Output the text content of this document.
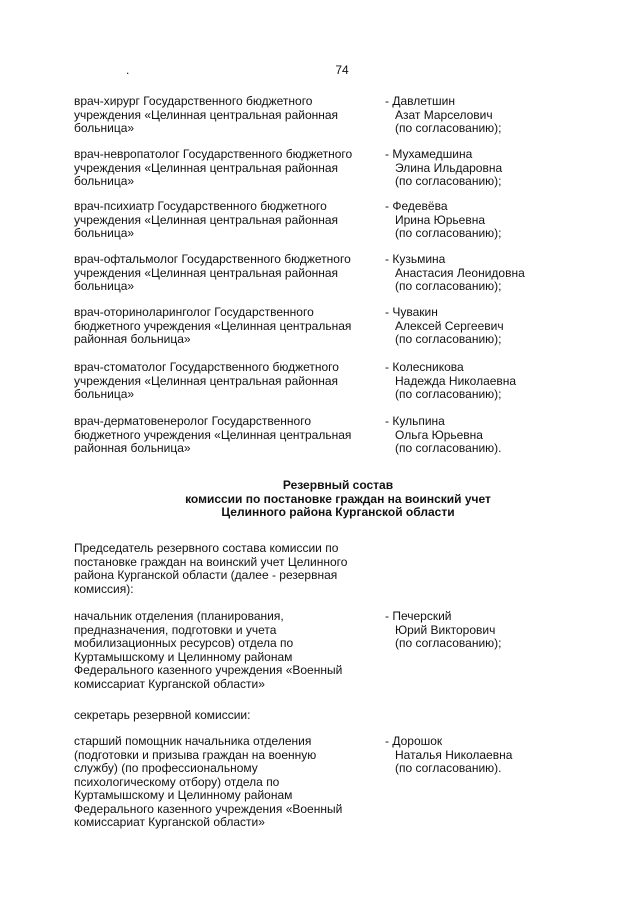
74
.
врач-хирург Государственного бюджетного
учреждения «Целинная центральная районная
больница»
- Давлетшин
Азат Марселович
(по согласованию);
врач-невропатолог Государственного бюджетного
учреждения «Целинная центральная районная
больница»
- Мухамедшина
Элина Ильдаровна
(по согласованию);
врач-психиатр Государственного бюджетного
учреждения «Целинная центральная районная
больница»
- Федевёва
Ирина Юрьевна
(по согласованию);
врач-офтальмолог Государственного бюджетного
учреждения «Целинная центральная районная
больница»
- Кузьмина
Анастасия Леонидовна
(по согласованию);
врач-оториноларинголог Государственного
бюджетного учреждения «Целинная центральная
районная больница»
- Чувакин
Алексей Сергеевич
(по согласованию);
врач-стоматолог Государственного бюджетного
учреждения «Целинная центральная районная
больница»
- Колесникова
Надежда Николаевна
(по согласованию);
врач-дерматовенеролог Государственного
бюджетного учреждения «Целинная центральная
районная больница»
- Кульпина
Ольга Юрьевна
(по согласованию).
Резервный состав
комиссии по постановке граждан на воинский учет
Целинного района Курганской области
Председатель резервного состава комиссии по
постановке граждан на воинский учет Целинного
района Курганской области (далее - резервная
комиссия):
начальник отделения (планирования,
предназначения, подготовки и учета
мобилизационных ресурсов) отдела по
Куртамышскому и Целинному районам
Федерального казенного учреждения «Военный
комиссариат Курганской области»
- Печерский
Юрий Викторович
(по согласованию);
секретарь резервной комиссии:
старший помощник начальника отделения
(подготовки и призыва граждан на военную
службу) (по профессиональному
психологическому отбору) отдела по
Куртамышскому и Целинному районам
Федерального казенного учреждения «Военный
комиссариат Курганской области»
- Дорошок
Наталья Николаевна
(по согласованию).
